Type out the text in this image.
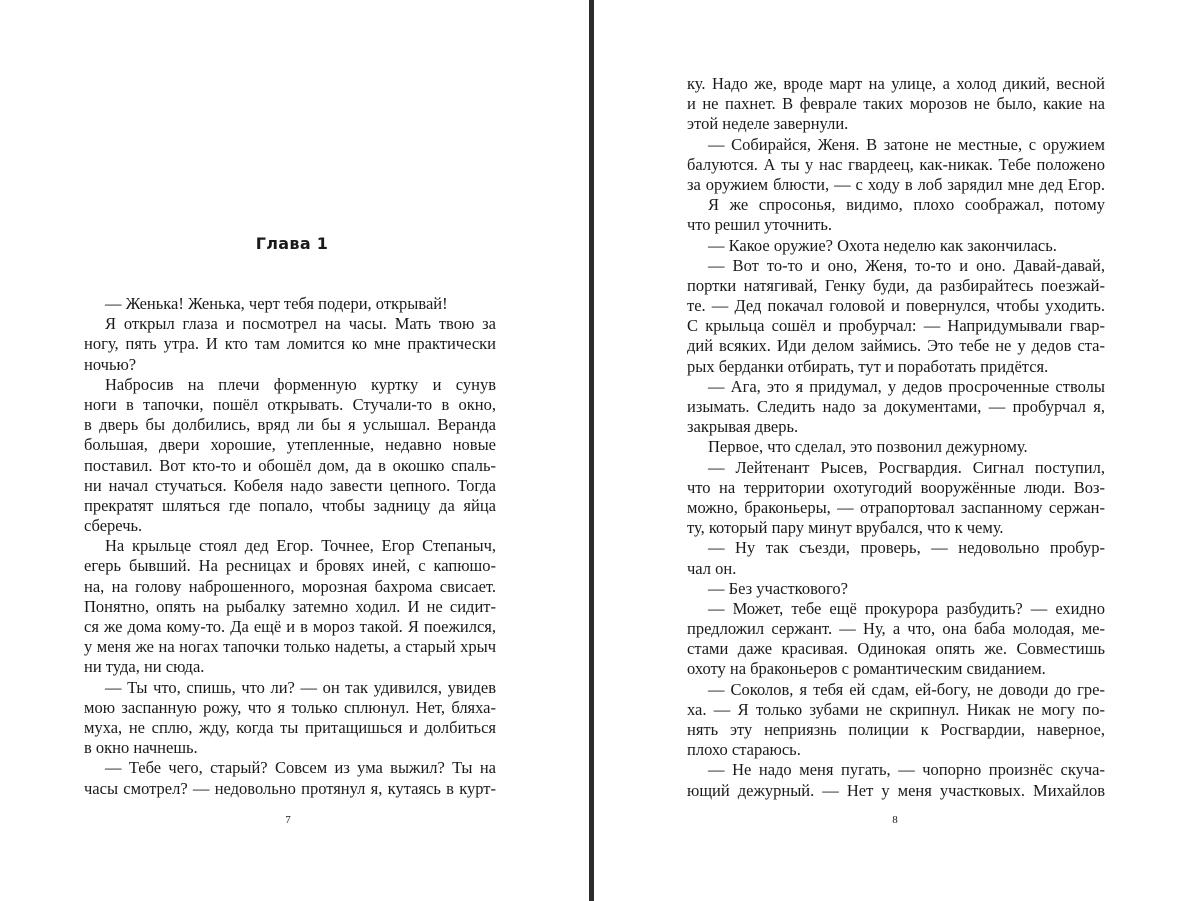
Глава 1
— Женька! Женька, черт тебя подери, открывай!
Я открыл глаза и посмотрел на часы. Мать твою за
ногу, пять утра. И кто там ломится ко мне практически
ночью?
Набросив на плечи форменную куртку и сунув
ноги в тапочки, пошёл открывать. Стучали-то в окно,
в дверь бы долбились, вряд ли бы я услышал. Веранда
большая, двери хорошие, утепленные, недавно новые
поставил. Вот кто-то и обошёл дом, да в окошко спаль-
ни начал стучаться. Кобеля надо завести цепного. Тогда
прекратят шляться где попало, чтобы задницу да яйца
сберечь.
На крыльце стоял дед Егор. Точнее, Егор Степаныч,
егерь бывший. На ресницах и бровях иней, с капюшо-
на, на голову наброшенного, морозная бахрома свисает.
Понятно, опять на рыбалку затемно ходил. И не сидит-
ся же дома кому-то. Да ещё и в мороз такой. Я поежился,
у меня же на ногах тапочки только надеты, а старый хрыч
ни туда, ни сюда.
— Ты что, спишь, что ли? — он так удивился, увидев
мою заспанную рожу, что я только сплюнул. Нет, бляха-
муха, не сплю, жду, когда ты притащишься и долбиться
в окно начнешь.
— Тебе чего, старый? Совсем из ума выжил? Ты на
часы смотрел? — недовольно протянул я, кутаясь в курт-
7
ку. Надо же, вроде март на улице, а холод дикий, весной
и не пахнет. В феврале таких морозов не было, какие на
этой неделе завернули.
— Собирайся, Женя. В затоне не местные, с оружием
балуются. А ты у нас гвардеец, как-никак. Тебе положено
за оружием блюсти, — с ходу в лоб зарядил мне дед Егор.
Я же спросонья, видимо, плохо соображал, потому
что решил уточнить.
— Какое оружие? Охота неделю как закончилась.
— Вот то-то и оно, Женя, то-то и оно. Давай-давай,
портки натягивай, Генку буди, да разбирайтесь поезжай-
те. — Дед покачал головой и повернулся, чтобы уходить.
С крыльца сошёл и пробурчал: — Напридумывали гвар-
дий всяких. Иди делом займись. Это тебе не у дедов ста-
рых берданки отбирать, тут и поработать придётся.
— Ага, это я придумал, у дедов просроченные стволы
изымать. Следить надо за документами, — пробурчал я,
закрывая дверь.
Первое, что сделал, это позвонил дежурному.
— Лейтенант Рысев, Росгвардия. Сигнал поступил,
что на территории охотугодий вооружённые люди. Воз-
можно, браконьеры, — отрапортовал заспанному сержан-
ту, который пару минут врубался, что к чему.
— Ну так съезди, проверь, — недовольно пробур-
чал он.
— Без участкового?
— Может, тебе ещё прокурора разбудить? — ехидно
предложил сержант. — Ну, а что, она баба молодая, ме-
стами даже красивая. Одинокая опять же. Совместишь
охоту на браконьеров с романтическим свиданием.
— Соколов, я тебя ей сдам, ей-богу, не доводи до гре-
ха. — Я только зубами не скрипнул. Никак не могу по-
нять эту неприязнь полиции к Росгвардии, наверное,
плохо стараюсь.
— Не надо меня пугать, — чопорно произнёс скуча-
ющий дежурный. — Нет у меня участковых. Михайлов
8
